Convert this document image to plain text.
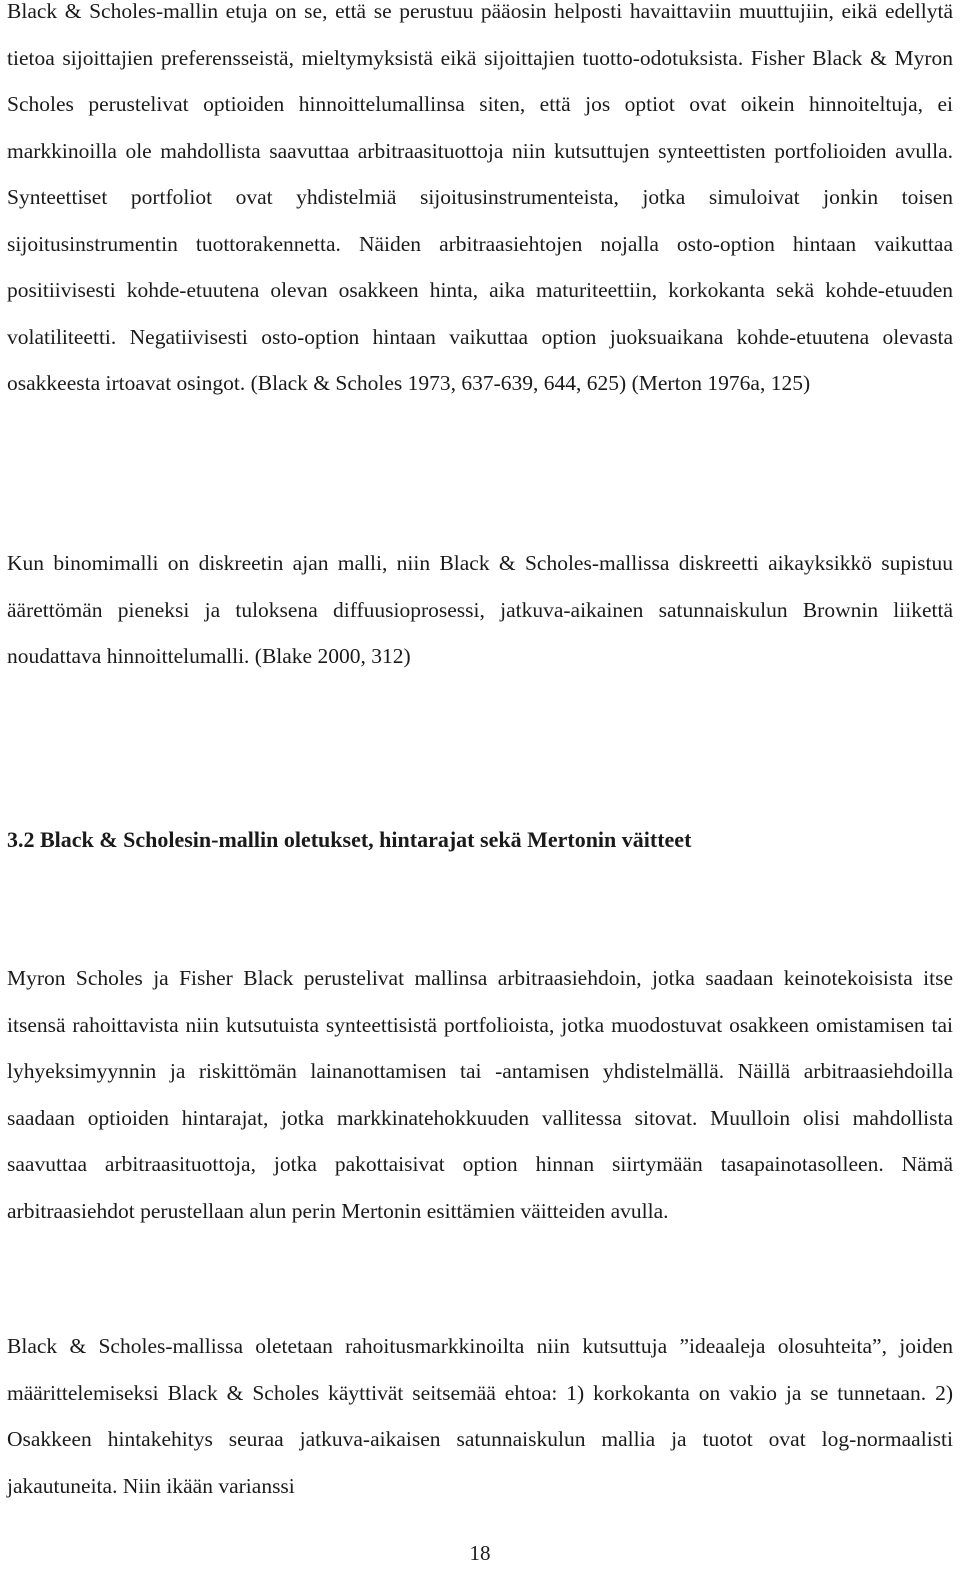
Black & Scholes-mallin etuja on se, että se perustuu pääosin helposti havaittaviin muuttujiin, eikä edellytä tietoa sijoittajien preferensseistä, mieltymyksistä eikä sijoittajien tuotto-odotuksista. Fisher Black & Myron Scholes perustelivat optioiden hinnoittelumallinsa siten, että jos optiot ovat oikein hinnoiteltuja, ei markkinoilla ole mahdollista saavuttaa arbitraasituottoja niin kutsuttujen synteettisten portfolioiden avulla. Synteettiset portfoliot ovat yhdistelmiä sijoitusinstrumenteista, jotka simuloivat jonkin toisen sijoitusinstrumentin tuottorakennetta. Näiden arbitraasiehtojen nojalla osto-option hintaan vaikuttaa positiivisesti kohde-etuutena olevan osakkeen hinta, aika maturiteettiin, korkokanta sekä kohde-etuuden volatiliteetti. Negatiivisesti osto-option hintaan vaikuttaa option juoksuaikana kohde-etuutena olevasta osakkeesta irtoavat osingot. (Black & Scholes 1973, 637-639, 644, 625) (Merton 1976a, 125)

Kun binomimalli on diskreetin ajan malli, niin Black & Scholes-mallissa diskreetti aikayksikkö supistuu äärettömän pieneksi ja tuloksena diffuusioprosessi, jatkuva-aikainen satunnaiskulun Brownin liikettä noudattava hinnoittelumalli. (Blake 2000, 312)

3.2 Black & Scholesin-mallin oletukset, hintarajat sekä Mertonin väitteet

Myron Scholes ja Fisher Black perustelivat mallinsa arbitraasiehdoin, jotka saadaan keinotekoisista itse itsensä rahoittavista niin kutsutuista synteettisistä portfolioista, jotka muodostuvat osakkeen omistamisen tai lyhyeksimyynnin ja riskittömän lainanottamisen tai -antamisen yhdistelmällä. Näillä arbitraasiehdoilla saadaan optioiden hintarajat, jotka markkinatehokkuuden vallitessa sitovat. Muulloin olisi mahdollista saavuttaa arbitraasituottoja, jotka pakottaisivat option hinnan siirtymään tasapainotasolleen. Nämä arbitraasiehdot perustellaan alun perin Mertonin esittämien väitteiden avulla.

Black & Scholes-mallissa oletetaan rahoitusmarkkinoilta niin kutsuttuja ”ideaaleja olosuhteita”, joiden määrittelemiseksi Black & Scholes käyttivät seitsemää ehtoa: 1) korkokanta on vakio ja se tunnetaan. 2) Osakkeen hintakehitys seuraa jatkuva-aikaisen satunnaiskulun mallia ja tuotot ovat log-normaalisti jakautuneita. Niin ikään varianssi

18
